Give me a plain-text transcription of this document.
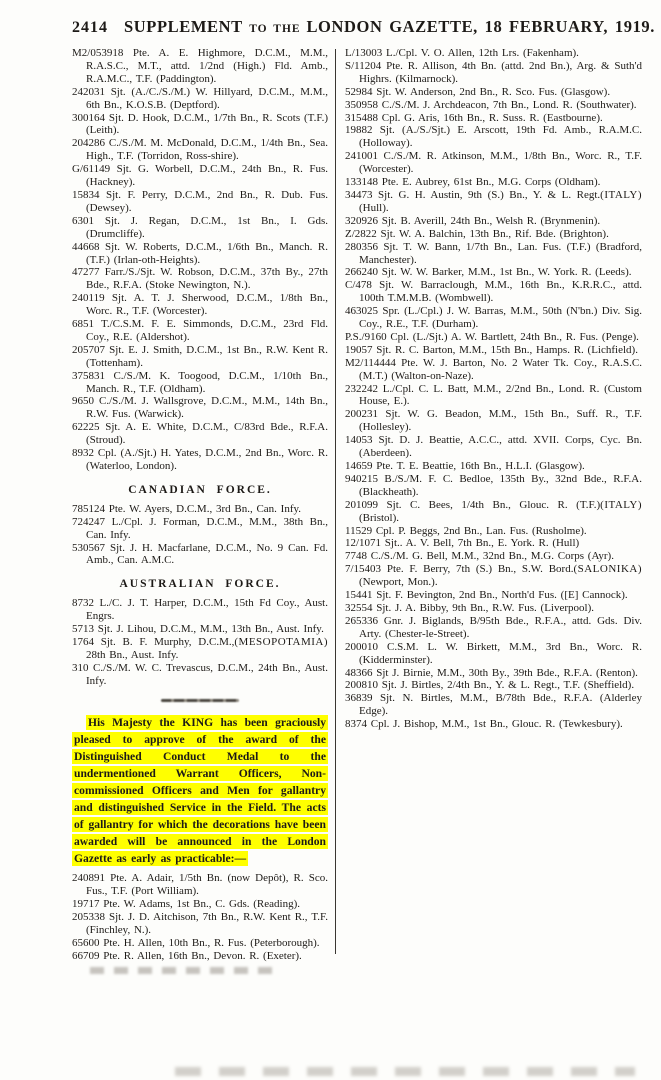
2414 SUPPLEMENT TO THE LONDON GAZETTE, 18 FEBRUARY, 1919.

M2/053918 Pte. A. E. Highmore, D.C.M., M.M., R.A.S.C., M.T., attd. 1/2nd (High.) Fld. Amb., R.A.M.C., T.F. (Paddington).

242031 Sjt. (A./C./S./M.) W. Hillyard, D.C.M., M.M., 6th Bn., K.O.S.B. (Deptford).

300164 Sjt. D. Hook, D.C.M., 1/7th Bn., R. Scots (T.F.) (Leith).

204286 C./S./M. M. McDonald, D.C.M., 1/4th Bn., Sea. High., T.F. (Torridon, Ross-shire).

G/61149 Sjt. G. Worbell, D.C.M., 24th Bn., R. Fus. (Hackney).

15834 Sjt. F. Perry, D.C.M., 2nd Bn., R. Dub. Fus. (Dewsey).

6301 Sjt. J. Regan, D.C.M., 1st Bn., I. Gds. (Drumcliffe).

44668 Sjt. W. Roberts, D.C.M., 1/6th Bn., Manch. R. (T.F.) (Irlan-oth-Heights).

47277 Farr./S./Sjt. W. Robson, D.C.M., 37th By., 27th Bde., R.F.A. (Stoke Newington, N.).

240119 Sjt. A. T. J. Sherwood, D.C.M., 1/8th Bn., Worc. R., T.F. (Worcester).

6851 T./C.S.M. F. E. Simmonds, D.C.M., 23rd Fld. Coy., R.E. (Aldershot).

205707 Sjt. E. J. Smith, D.C.M., 1st Bn., R.W. Kent R. (Tottenham).

375831 C./S./M. K. Toogood, D.C.M., 1/10th Bn., Manch. R., T.F. (Oldham).

9650 C./S./M. J. Wallsgrove, D.C.M., M.M., 14th Bn., R.W. Fus. (Warwick).

62225 Sjt. A. E. White, D.C.M., C/83rd Bde., R.F.A. (Stroud).

8932 Cpl. (A./Sjt.) H. Yates, D.C.M., 2nd Bn., Worc. R. (Waterloo, London).

CANADIAN FORCE.

785124 Pte. W. Ayers, D.C.M., 3rd Bn., Can. Infy.

724247 L./Cpl. J. Forman, D.C.M., M.M., 38th Bn., Can. Infy.

530567 Sjt. J. H. Macfarlane, D.C.M., No. 9 Can. Fd. Amb., Can. A.M.C.

AUSTRALIAN FORCE.

8732 L./C. J. T. Harper, D.C.M., 15th Fd Coy., Aust. Engrs.

5713 Sjt. J. Lihou, D.C.M., M.M., 13th Bn., Aust. Infy.

(MESOPOTAMIA)
1764 Sjt. B. F. Murphy, D.C.M., 28th Bn., Aust. Infy.

310 C./S./M. W. C. Trevascus, D.C.M., 24th Bn., Aust. Infy.

His Majesty the KING has been graciously pleased to approve of the award of the Distinguished Conduct Medal to the undermentioned Warrant Officers, Non-commissioned Officers and Men for gallantry and distinguished Service in the Field. The acts of gallantry for which the decorations have been awarded will be announced in the London Gazette as early as practicable:—

240891 Pte. A. Adair, 1/5th Bn. (now Depôt), R. Sco. Fus., T.F. (Port William).

19717 Pte. W. Adams, 1st Bn., C. Gds. (Reading).

205338 Sjt. J. D. Aitchison, 7th Bn., R.W. Kent R., T.F. (Finchley, N.).

65600 Pte. H. Allen, 10th Bn., R. Fus. (Peterborough).

66709 Pte. R. Allen, 16th Bn., Devon. R. (Exeter).

L/13003 L./Cpl. V. O. Allen, 12th Lrs. (Fakenham).

S/11204 Pte. R. Allison, 4th Bn. (attd. 2nd Bn.), Arg. & Suth'd Highrs. (Kilmarnock).

52984 Sjt. W. Anderson, 2nd Bn., R. Sco. Fus. (Glasgow).

350958 C./S./M. J. Archdeacon, 7th Bn., Lond. R. (Southwater).

315488 Cpl. G. Aris, 16th Bn., R. Suss. R. (Eastbourne).

19882 Sjt. (A./S./Sjt.) E. Arscott, 19th Fd. Amb., R.A.M.C. (Holloway).

241001 C./S./M. R. Atkinson, M.M., 1/8th Bn., Worc. R., T.F. (Worcester).

133148 Pte. E. Aubrey, 61st Bn., M.G. Corps (Oldham).

(ITALY)
34473 Sjt. G. H. Austin, 9th (S.) Bn., Y. & L. Regt. (Hull).

320926 Sjt. B. Averill, 24th Bn., Welsh R. (Brynmenin).

Z/2822 Sjt. W. A. Balchin, 13th Bn., Rif. Bde. (Brighton).

280356 Sjt. T. W. Bann, 1/7th Bn., Lan. Fus. (T.F.) (Bradford, Manchester).

266240 Sjt. W. W. Barker, M.M., 1st Bn., W. York. R. (Leeds).

C/478 Sjt. W. Barraclough, M.M., 16th Bn., K.R.R.C., attd. 100th T.M.M.B. (Wombwell).

463025 Spr. (L./Cpl.) J. W. Barras, M.M., 50th (N'bn.) Div. Sig. Coy., R.E., T.F. (Durham).

P.S./9160 Cpl. (L./Sjt.) A. W. Bartlett, 24th Bn., R. Fus. (Penge).

19057 Sjt. R. C. Barton, M.M., 15th Bn., Hamps. R. (Lichfield).

M2/114444 Pte. W. J. Barton, No. 2 Water Tk. Coy., R.A.S.C. (M.T.) (Walton-on-Naze).

232242 L./Cpl. C. L. Batt, M.M., 2/2nd Bn., Lond. R. (Custom House, E.).

200231 Sjt. W. G. Beadon, M.M., 15th Bn., Suff. R., T.F. (Hollesley).

14053 Sjt. D. J. Beattie, A.C.C., attd. XVII. Corps, Cyc. Bn. (Aberdeen).

14659 Pte. T. E. Beattie, 16th Bn., H.L.I. (Glasgow).

940215 B./S./M. F. C. Bedloe, 135th By., 32nd Bde., R.F.A. (Blackheath).

(ITALY)
201099 Sjt. C. Bees, 1/4th Bn., Glouc. R. (T.F.) (Bristol).

11529 Cpl. P. Beggs, 2nd Bn., Lan. Fus. (Rusholme).

12/1071 Sjt.. A. V. Bell, 7th Bn., E. York. R. (Hull)

7748 C./S./M. G. Bell, M.M., 32nd Bn., M.G. Corps (Ayr).

(SALONIKA)
7/15403 Pte. F. Berry, 7th (S.) Bn., S.W. Bord. (Newport, Mon.).

15441 Sjt. F. Bevington, 2nd Bn., North'd Fus. ([E] Cannock).

32554 Sjt. J. A. Bibby, 9th Bn., R.W. Fus. (Liverpool).

265336 Gnr. J. Biglands, B/95th Bde., R.F.A., attd. Gds. Div. Arty. (Chester-le-Street).

200010 C.S.M. L. W. Birkett, M.M., 3rd Bn., Worc. R. (Kidderminster).

48366 Sjt J. Birnie, M.M., 30th By., 39th Bde., R.F.A. (Renton).

200810 Sjt. J. Birtles, 2/4th Bn., Y. & L. Regt., T.F. (Sheffield).

36839 Sjt. N. Birtles, M.M., B/78th Bde., R.F.A. (Alderley Edge).

8374 Cpl. J. Bishop, M.M., 1st Bn., Glouc. R. (Tewkesbury).
